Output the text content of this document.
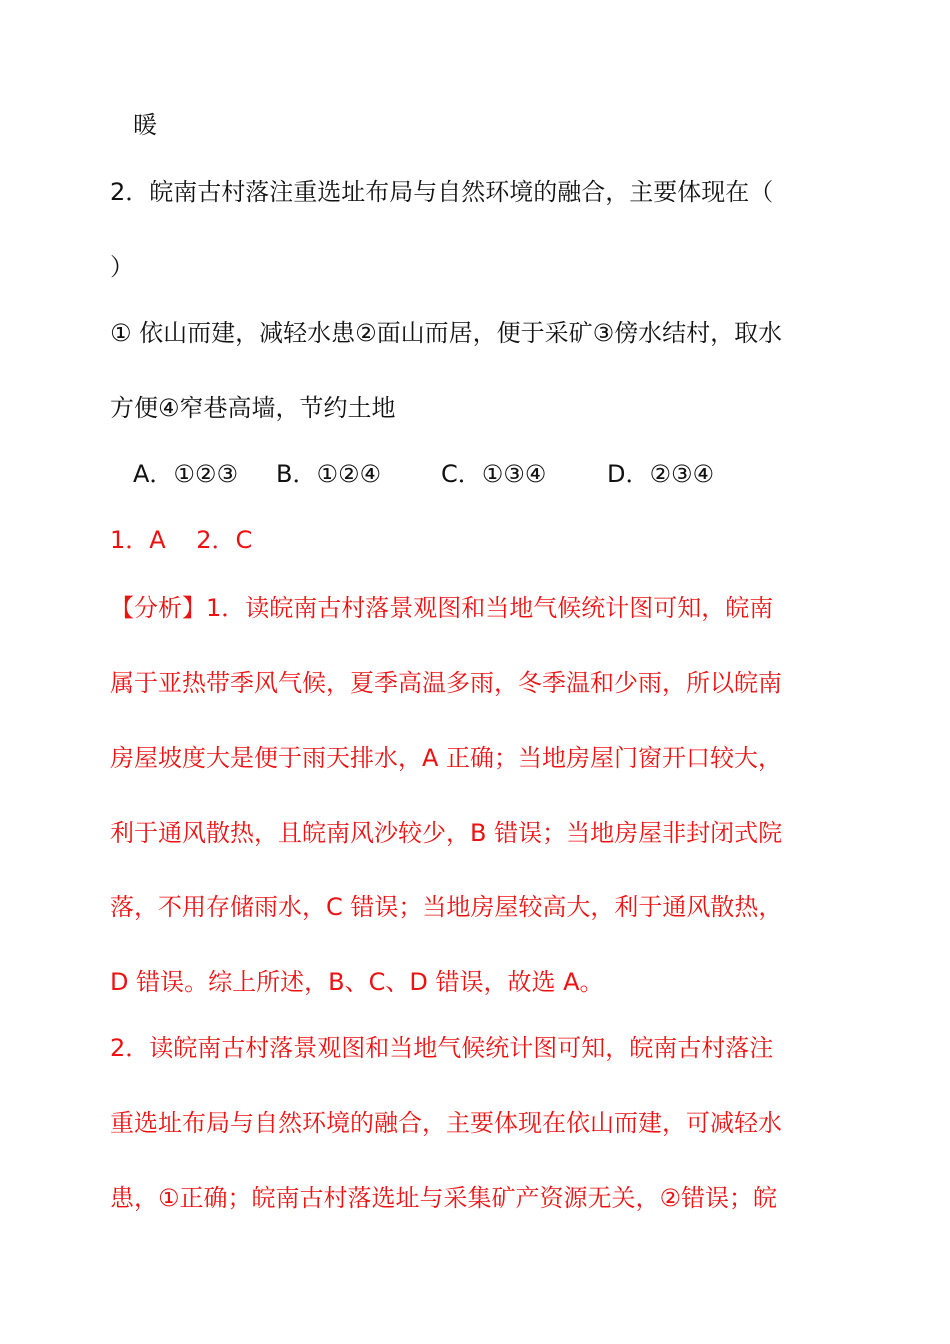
暖
2．皖南古村落注重选址布局与自然环境的融合，主要体现在（
）
① 依山而建，减轻水患②面山而居，便于采矿③傍水结村，取水
方便④窄巷高墙，节约土地
A．①②③ B．①②④ C．①③④	D．②③④
1．A    2．C
【分析】1．读皖南古村落景观图和当地气候统计图可知，皖南
属于亚热带季风气候，夏季高温多雨，冬季温和少雨，所以皖南
房屋坡度大是便于雨天排水，A 正确；当地房屋门窗开口较大，
利于通风散热，且皖南风沙较少，B 错误；当地房屋非封闭式院
落，不用存储雨水，C 错误；当地房屋较高大，利于通风散热，
D 错误。综上所述，B、C、D 错误，故选 A。
2．读皖南古村落景观图和当地气候统计图可知，皖南古村落注
重选址布局与自然环境的融合，主要体现在依山而建，可减轻水
患，①正确；皖南古村落选址与采集矿产资源无关，②错误；皖
